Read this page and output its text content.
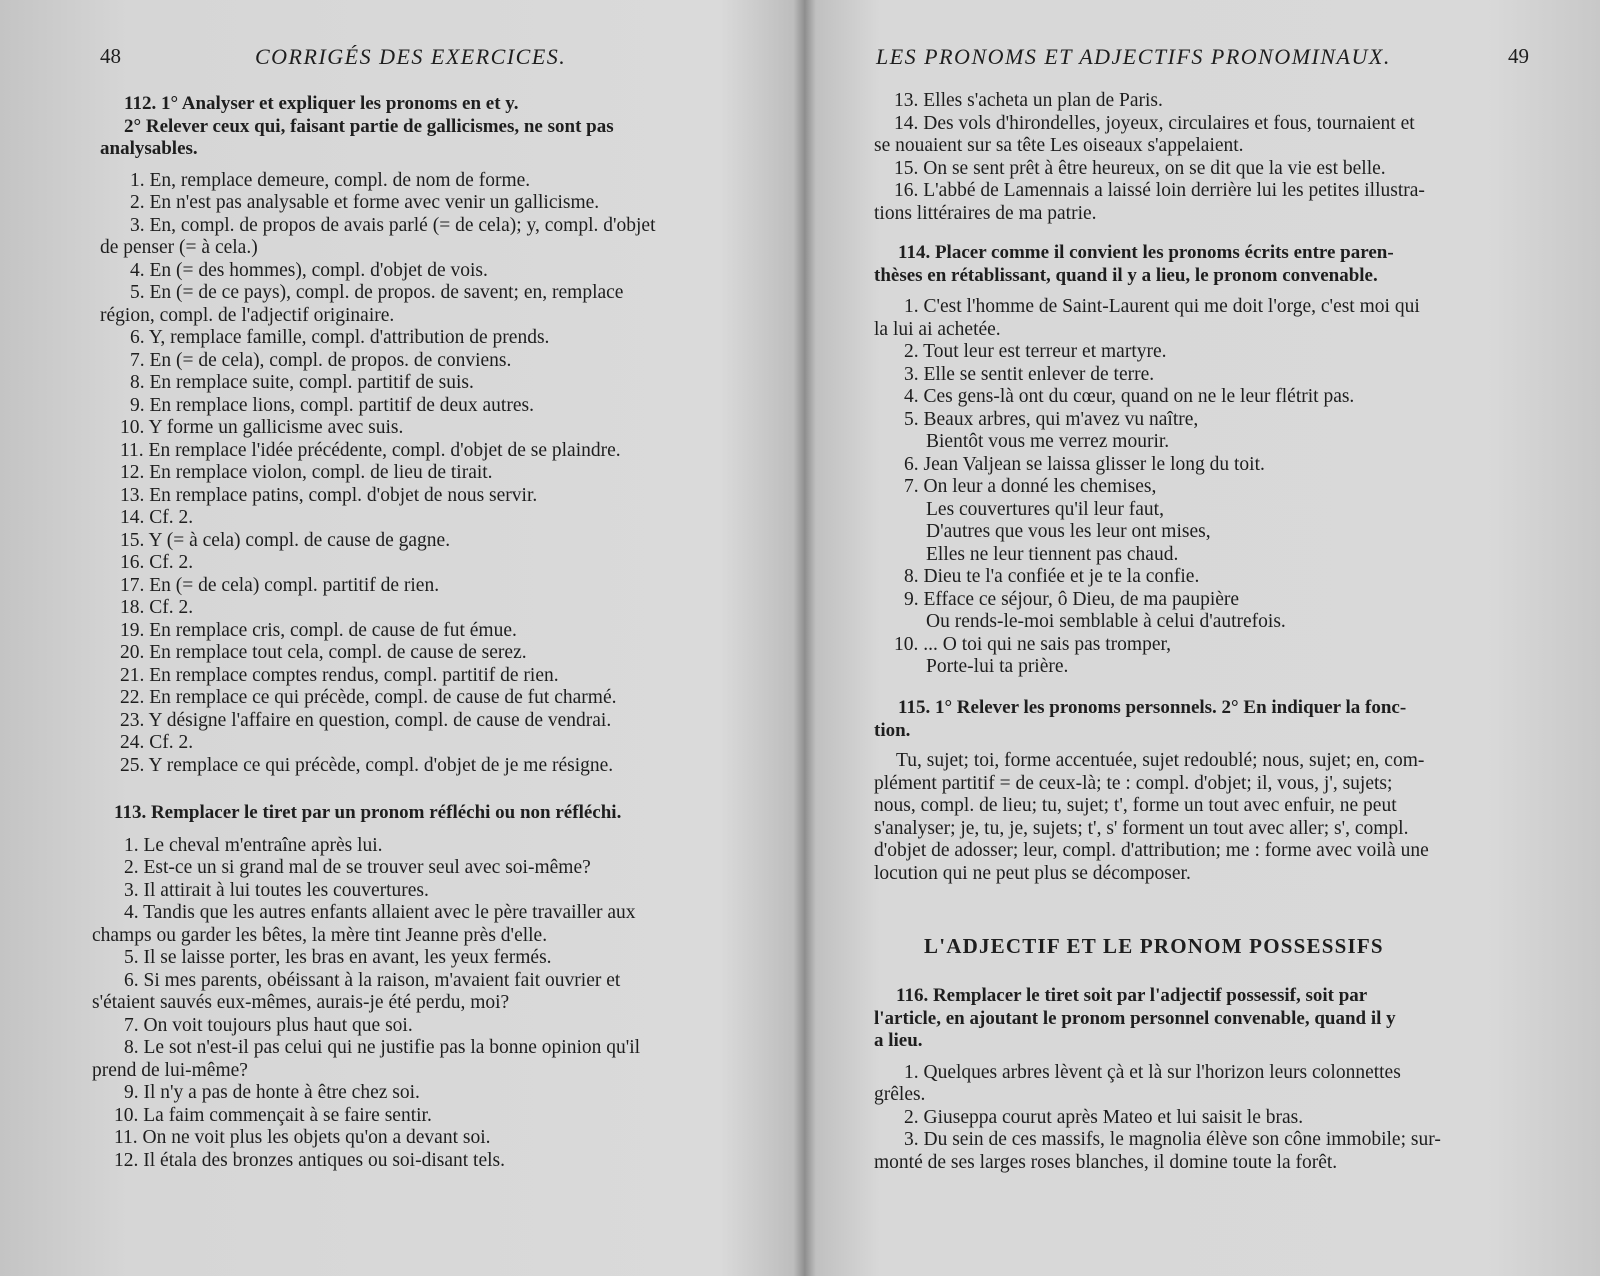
48	CORRIGÉS DES EXERCICES.
112. 1° Analyser et expliquer les pronoms en et y.
2° Relever ceux qui, faisant partie de gallicismes, ne sont pas
analysables.
1. En, remplace demeure, compl. de nom de forme.
2. En n'est pas analysable et forme avec venir un gallicisme.
3. En, compl. de propos de avais parlé (= de cela); y, compl. d'objet
de penser (= à cela.)
4. En (= des hommes), compl. d'objet de vois.
5. En (= de ce pays), compl. de propos. de savent; en, remplace
région, compl. de l'adjectif originaire.
6. Y, remplace famille, compl. d'attribution de prends.
7. En (= de cela), compl. de propos. de conviens.
8. En remplace suite, compl. partitif de suis.
9. En remplace lions, compl. partitif de deux autres.
10. Y forme un gallicisme avec suis.
11. En remplace l'idée précédente, compl. d'objet de se plaindre.
12. En remplace violon, compl. de lieu de tirait.
13. En remplace patins, compl. d'objet de nous servir.
14. Cf. 2.
15. Y (= à cela) compl. de cause de gagne.
16. Cf. 2.
17. En (= de cela) compl. partitif de rien.
18. Cf. 2.
19. En remplace cris, compl. de cause de fut émue.
20. En remplace tout cela, compl. de cause de serez.
21. En remplace comptes rendus, compl. partitif de rien.
22. En remplace ce qui précède, compl. de cause de fut charmé.
23. Y désigne l'affaire en question, compl. de cause de vendrai.
24. Cf. 2.
25. Y remplace ce qui précède, compl. d'objet de je me résigne.
113. Remplacer le tiret par un pronom réfléchi ou non réfléchi.
1. Le cheval m'entraîne après lui.
2. Est-ce un si grand mal de se trouver seul avec soi-même?
3. Il attirait à lui toutes les couvertures.
4. Tandis que les autres enfants allaient avec le père travailler aux
champs ou garder les bêtes, la mère tint Jeanne près d'elle.
5. Il se laisse porter, les bras en avant, les yeux fermés.
6. Si mes parents, obéissant à la raison, m'avaient fait ouvrier et
s'étaient sauvés eux-mêmes, aurais-je été perdu, moi?
7. On voit toujours plus haut que soi.
8. Le sot n'est-il pas celui qui ne justifie pas la bonne opinion qu'il
prend de lui-même?
9. Il n'y a pas de honte à être chez soi.
10. La faim commençait à se faire sentir.
11. On ne voit plus les objets qu'on a devant soi.
12. Il étala des bronzes antiques ou soi-disant tels.
LES PRONOMS ET ADJECTIFS PRONOMINAUX.	49
13. Elles s'acheta un plan de Paris.
14. Des vols d'hirondelles, joyeux, circulaires et fous, tournaient et
se nouaient sur sa tête Les oiseaux s'appelaient.
15. On se sent prêt à être heureux, on se dit que la vie est belle.
16. L'abbé de Lamennais a laissé loin derrière lui les petites illustra-
tions littéraires de ma patrie.
114. Placer comme il convient les pronoms écrits entre paren-
thèses en rétablissant, quand il y a lieu, le pronom convenable.
1. C'est l'homme de Saint-Laurent qui me doit l'orge, c'est moi qui
la lui ai achetée.
2. Tout leur est terreur et martyre.
3. Elle se sentit enlever de terre.
4. Ces gens-là ont du cœur, quand on ne le leur flétrit pas.
5. Beaux arbres, qui m'avez vu naître,
Bientôt vous me verrez mourir.
6. Jean Valjean se laissa glisser le long du toit.
7. On leur a donné les chemises,
Les couvertures qu'il leur faut,
D'autres que vous les leur ont mises,
Elles ne leur tiennent pas chaud.
8. Dieu te l'a confiée et je te la confie.
9. Efface ce séjour, ô Dieu, de ma paupière
Ou rends-le-moi semblable à celui d'autrefois.
10. ... O toi qui ne sais pas tromper,
Porte-lui ta prière.
115. 1° Relever les pronoms personnels. 2° En indiquer la fonc-
tion.
Tu, sujet; toi, forme accentuée, sujet redoublé; nous, sujet; en, com-
plément partitif = de ceux-là; te : compl. d'objet; il, vous, j', sujets;
nous, compl. de lieu; tu, sujet; t', forme un tout avec enfuir, ne peut
s'analyser; je, tu, je, sujets; t', s' forment un tout avec aller; s', compl.
d'objet de adosser; leur, compl. d'attribution; me : forme avec voilà une
locution qui ne peut plus se décomposer.
L'ADJECTIF ET LE PRONOM POSSESSIFS
116. Remplacer le tiret soit par l'adjectif possessif, soit par
l'article, en ajoutant le pronom personnel convenable, quand il y
a lieu.
1. Quelques arbres lèvent çà et là sur l'horizon leurs colonnettes
grêles.
2. Giuseppa courut après Mateo et lui saisit le bras.
3. Du sein de ces massifs, le magnolia élève son cône immobile; sur-
monté de ses larges roses blanches, il domine toute la forêt.
